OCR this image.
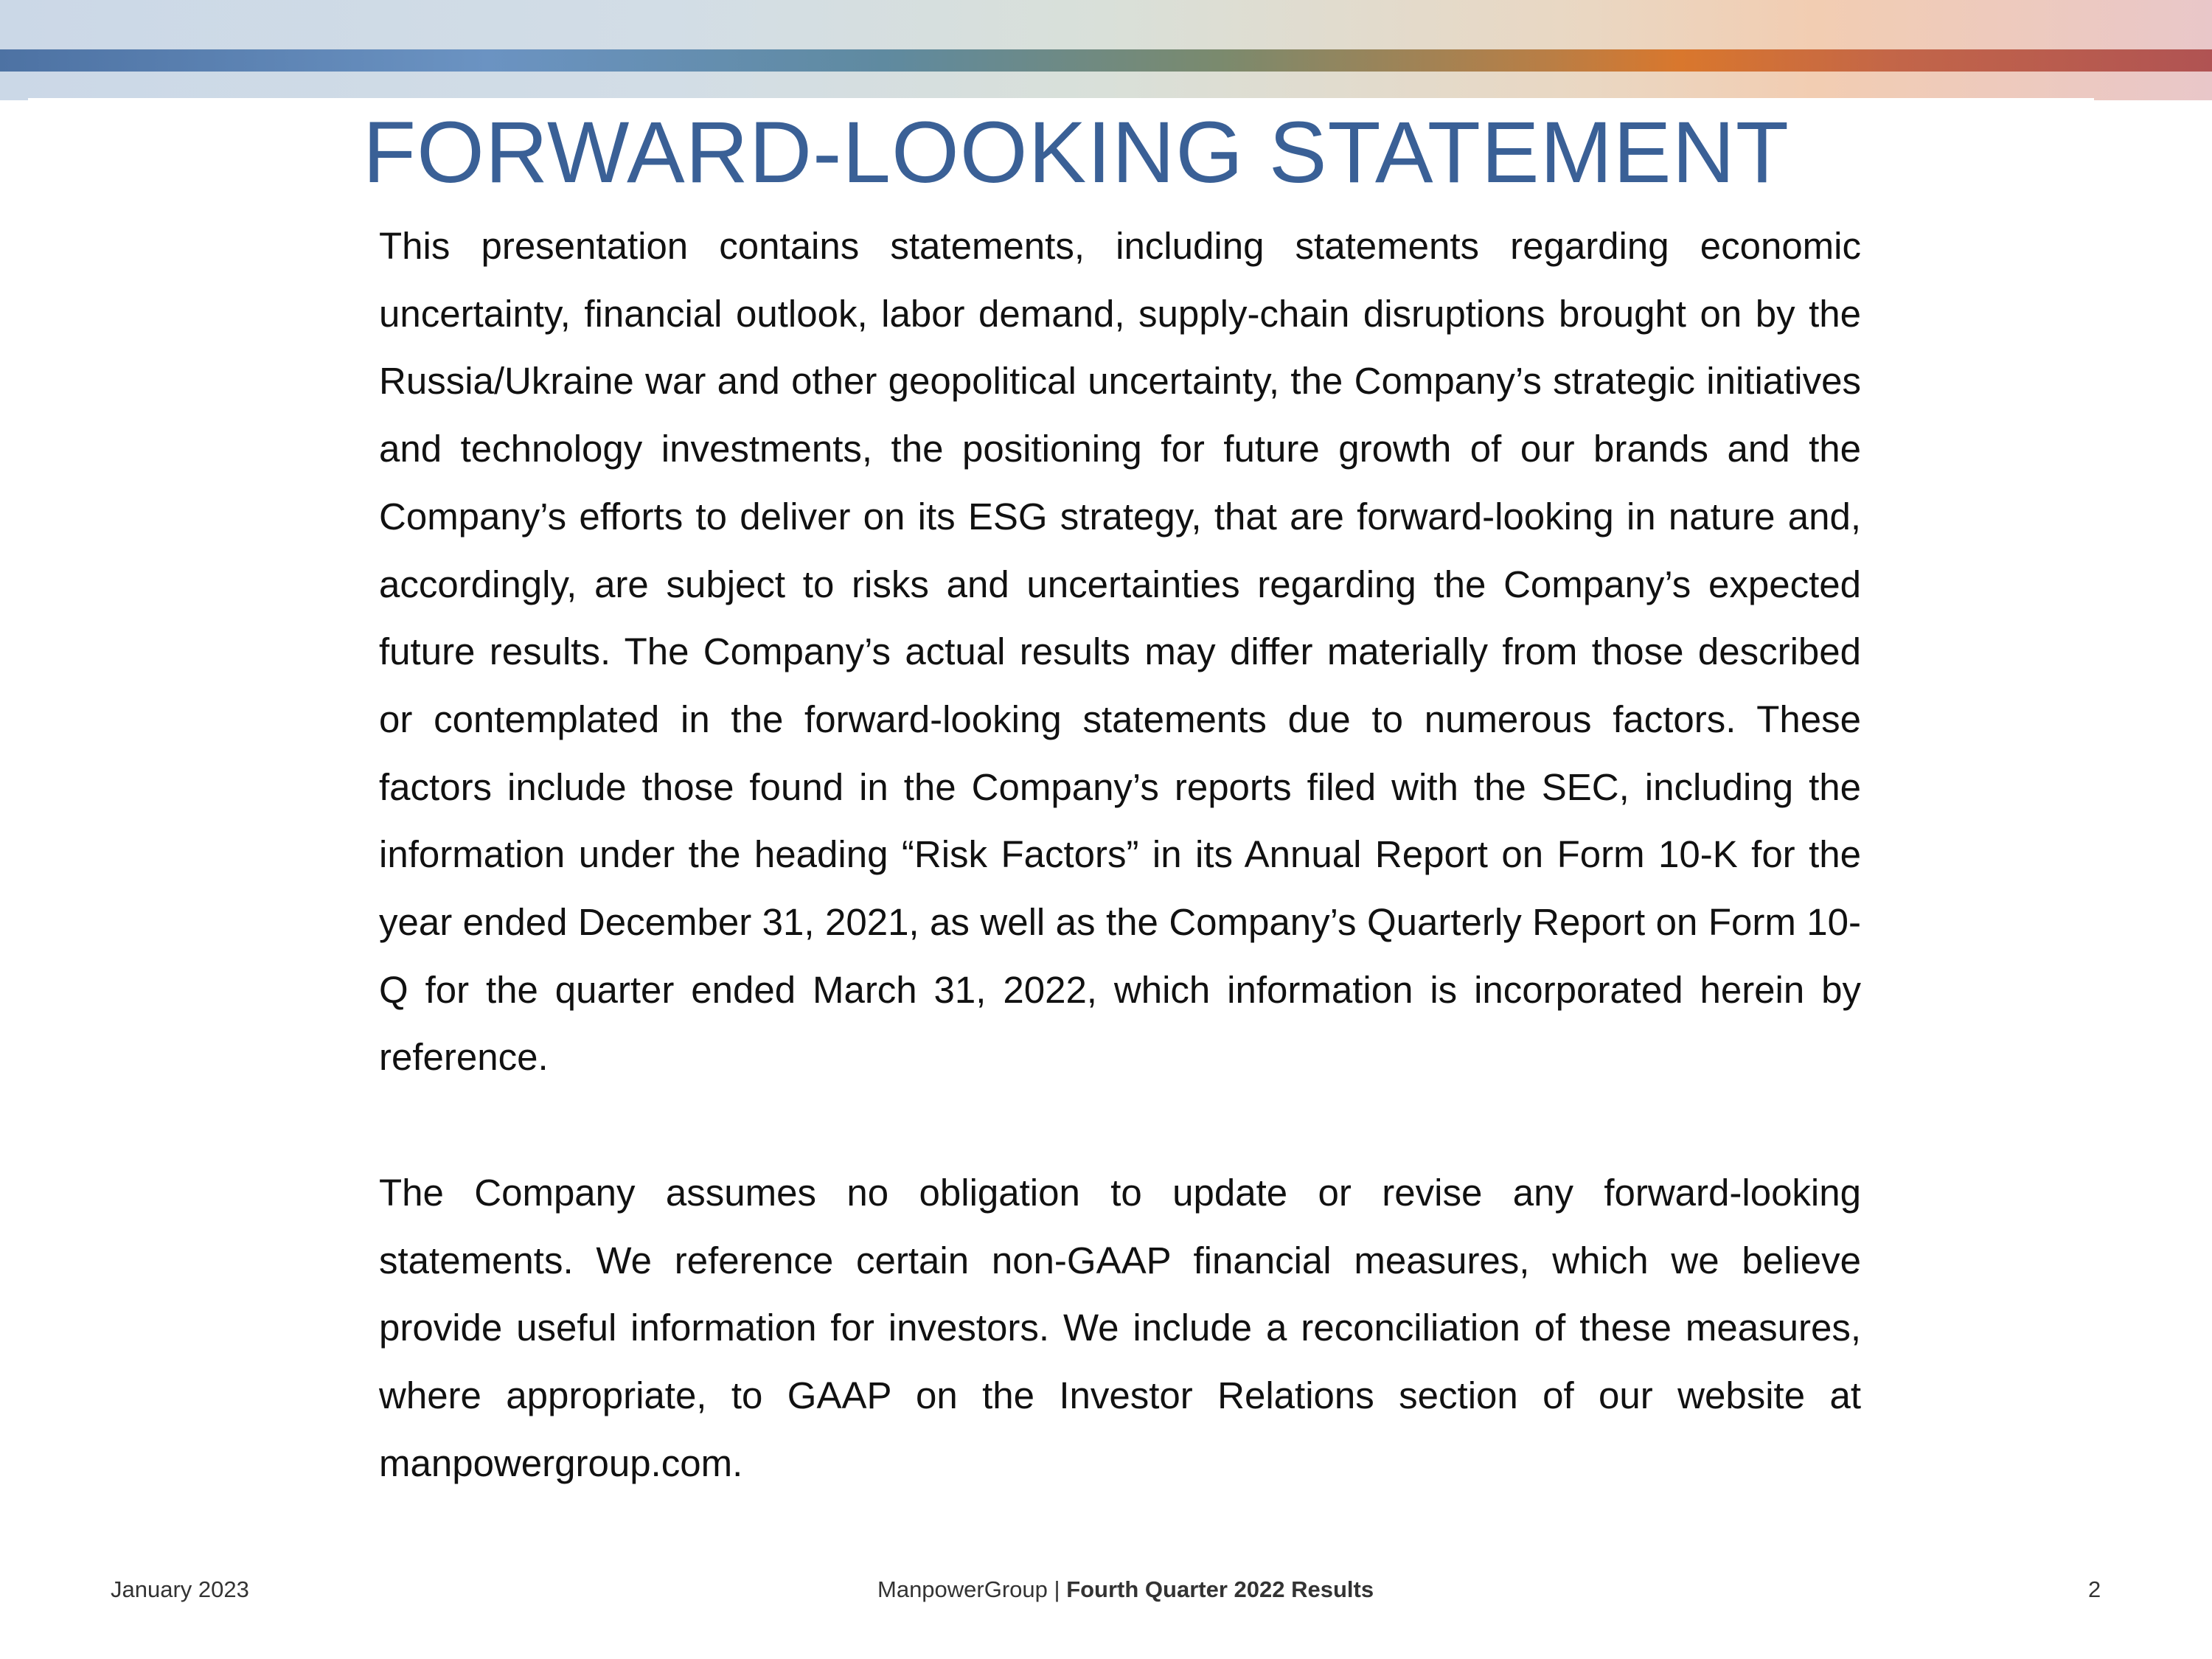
FORWARD-LOOKING STATEMENT

This presentation contains statements, including statements regarding economic uncertainty, financial outlook, labor demand, supply-chain disruptions brought on by the Russia/Ukraine war and other geopolitical uncertainty, the Company’s strategic initiatives and technology investments, the positioning for future growth of our brands and the Company’s efforts to deliver on its ESG strategy, that are forward-looking in nature and, accordingly, are subject to risks and uncertainties regarding the Company’s expected future results. The Company’s actual results may differ materially from those described or contemplated in the forward-looking statements due to numerous factors. These factors include those found in the Company’s reports filed with the SEC, including the information under the heading “Risk Factors” in its Annual Report on Form 10-K for the year ended December 31, 2021, as well as the Company’s Quarterly Report on Form 10-Q for the quarter ended March 31, 2022, which information is incorporated herein by reference.

The Company assumes no obligation to update or revise any forward-looking statements. We reference certain non-GAAP financial measures, which we believe provide useful information for investors. We include a reconciliation of these measures, where appropriate, to GAAP on the Investor Relations section of our website at manpowergroup.com.

January 2023	ManpowerGroup | Fourth Quarter 2022 Results	2
